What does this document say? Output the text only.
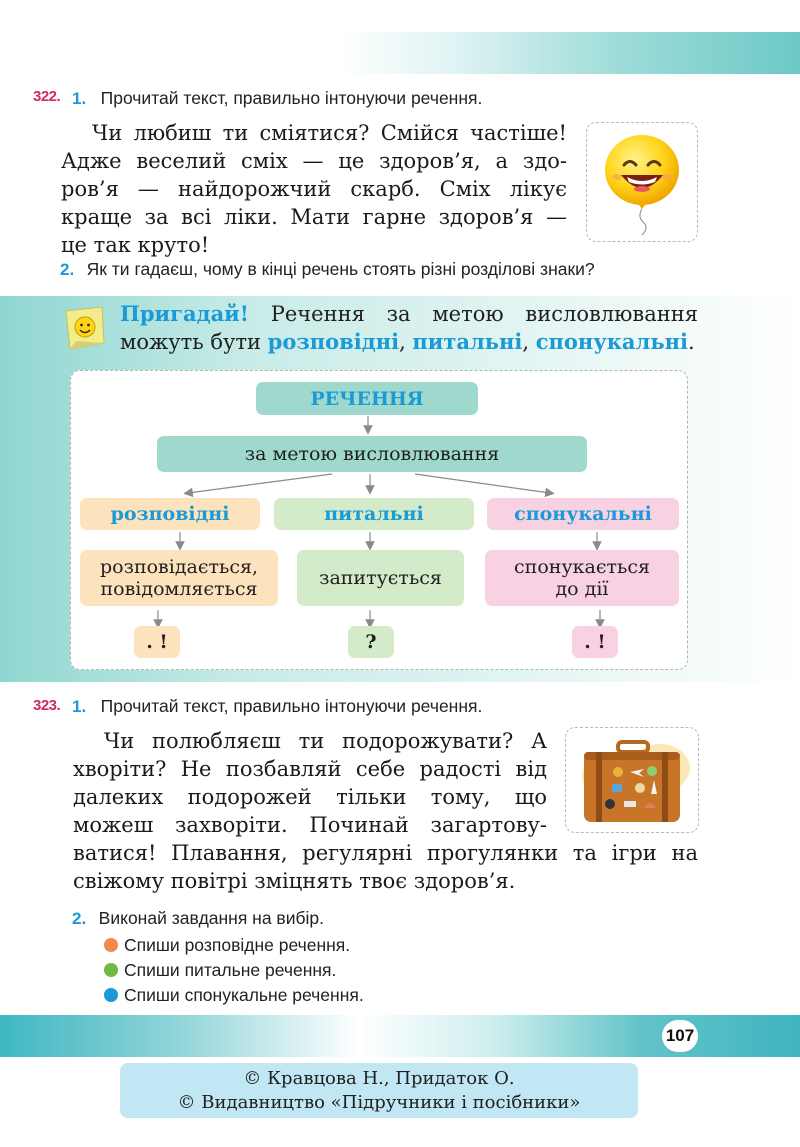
322. 1. Прочитай текст, правильно інтонуючи речення.
Чи любиш ти сміятися? Смійся частіше!
Адже веселий сміх — це здоров’я, а здо-
ров’я — найдорожчий скарб. Сміх лікує
краще за всі ліки. Мати гарне здоров’я —
це так круто!
2. Як ти гадаєш, чому в кінці речень стоять різні розділові знаки?
Пригадай! Речення за метою висловлювання
можуть бути розповідні, питальні, спонукальні.
РЕЧЕННЯ
за метою висловлювання
розповідні
розповідається,
повідомляється
. !
питальні
запитується
?
спонукальні
спонукається
до дії
. !
323. 1. Прочитай текст, правильно інтонуючи речення.
Чи полюбляєш ти подорожувати? А
хворіти? Не позбавляй себе радості від
далеких подорожей тільки тому, що
можеш захворіти. Починай загартову-
ватися! Плавання, регулярні прогулянки та ігри на
свіжому повітрі зміцнять твоє здоров’я.
2. Виконай завдання на вибір.
Спиши розповідне речення.
Спиши питальне речення.
Спиши спонукальне речення.
107
© Кравцова Н., Придаток О.
© Видавництво «Підручники і посібники»
